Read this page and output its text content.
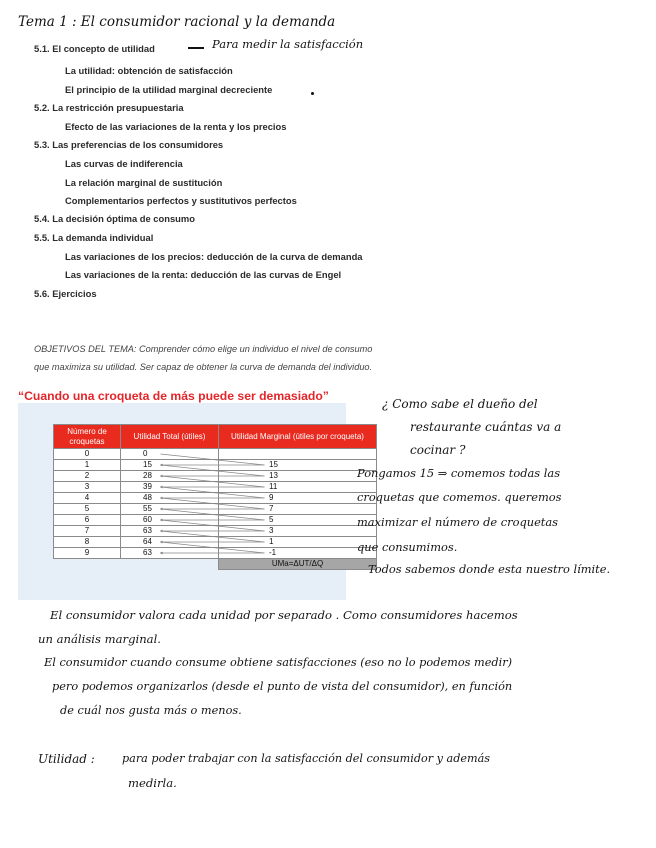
Tema 1 : El consumidor racional y la demanda
5.1. El concepto de utilidad	Para medir la satisfacción
La utilidad: obtención de satisfacción
El principio de la utilidad marginal decreciente
5.2. La restricción presupuestaria
Efecto de las variaciones de la renta y los precios
5.3. Las preferencias de los consumidores
Las curvas de indiferencia
La relación marginal de sustitución
Complementarios perfectos y sustitutivos perfectos
5.4. La decisión óptima de consumo
5.5. La demanda individual
Las variaciones de los precios: deducción de la curva de demanda
Las variaciones de la renta: deducción de las curvas de Engel
5.6. Ejercicios
OBJETIVOS DEL TEMA: Comprender cómo elige un individuo el nivel de consumo
que maximiza su utilidad. Ser capaz de obtener la curva de demanda del individuo.
“Cuando una croqueta de más puede ser demasiado”
Número de croquetas	Utilidad Total (útiles)	Utilidad Marginal (útiles por croqueta)
0	0	
1	15	15
2	28	13
3	39	11
4	48	9
5	55	7
6	60	5
7	63	3
8	64	1
9	63	-1
		UMa=ΔUT/ΔQ
¿ Como sabe el dueño del
restaurante cuántas va a
cocinar ?
Pongamos 15 ⇒ comemos todas las
croquetas que comemos. queremos
maximizar el número de croquetas
que consumimos.
Todos sabemos donde esta nuestro límite.
El consumidor valora cada unidad por separado . Como consumidores hacemos
un análisis marginal.
El consumidor cuando consume obtiene satisfacciones (eso no lo podemos medir)
pero podemos organizarlos (desde el punto de vista del consumidor), en función
de cuál nos gusta más o menos.
Utilidad : para poder trabajar con la satisfacción del consumidor y además
medirla.
